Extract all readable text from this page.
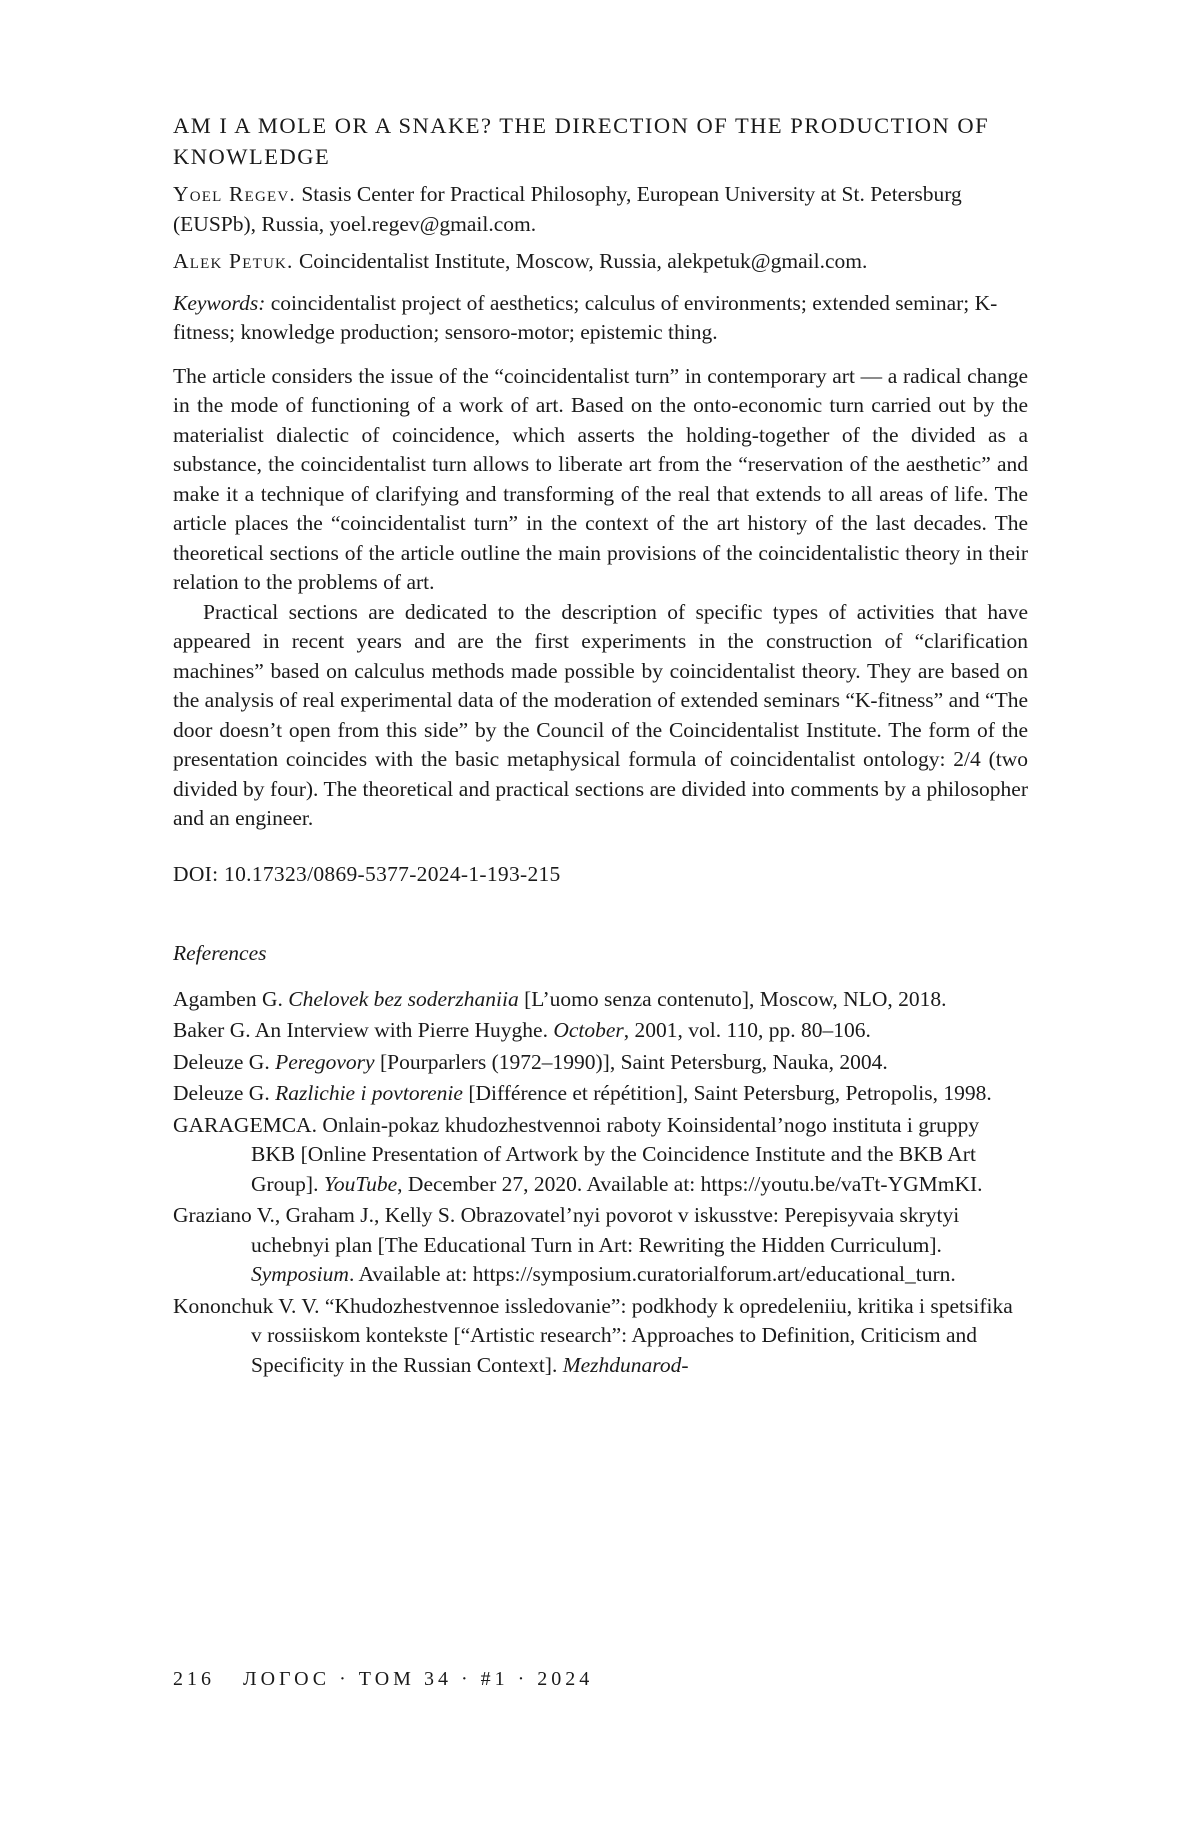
AM I A MOLE OR A SNAKE? THE DIRECTION OF THE PRODUCTION OF KNOWLEDGE

Yoel Regev. Stasis Center for Practical Philosophy, European University at St. Petersburg (EUSPb), Russia, yoel.regev@gmail.com.

Alek Petuk. Coincidentalist Institute, Moscow, Russia, alekpetuk@gmail.com.

Keywords: coincidentalist project of aesthetics; calculus of environments; extended seminar; K-fitness; knowledge production; sensoro-motor; epistemic thing.

The article considers the issue of the “coincidentalist turn” in contemporary art — a radical change in the mode of functioning of a work of art. Based on the onto-economic turn carried out by the materialist dialectic of coincidence, which asserts the holding-together of the divided as a substance, the coincidentalist turn allows to liberate art from the “reservation of the aesthetic” and make it a technique of clarifying and transforming of the real that extends to all areas of life. The article places the “coincidentalist turn” in the context of the art history of the last decades. The theoretical sections of the article outline the main provisions of the coincidentalistic theory in their relation to the problems of art.

Practical sections are dedicated to the description of specific types of activities that have appeared in recent years and are the first experiments in the construction of “clarification machines” based on calculus methods made possible by coincidentalist theory. They are based on the analysis of real experimental data of the moderation of extended seminars “K-fitness” and “The door doesn’t open from this side” by the Council of the Coincidentalist Institute. The form of the presentation coincides with the basic metaphysical formula of coincidentalist ontology: 2/4 (two divided by four). The theoretical and practical sections are divided into comments by a philosopher and an engineer.

DOI: 10.17323/0869-5377-2024-1-193-215

References

Agamben G. Chelovek bez soderzhaniia [L’uomo senza contenuto], Moscow, NLO, 2018.

Baker G. An Interview with Pierre Huyghe. October, 2001, vol. 110, pp. 80–106.

Deleuze G. Peregovory [Pourparlers (1972–1990)], Saint Petersburg, Nauka, 2004.

Deleuze G. Razlichie i povtorenie [Différence et répétition], Saint Petersburg, Petropolis, 1998.

GARAGEMCA. Onlain-pokaz khudozhestvennoi raboty Koinsidental’nogo instituta i gruppy BKB [Online Presentation of Artwork by the Coincidence Institute and the BKB Art Group]. YouTube, December 27, 2020. Available at: https://youtu.be/vaTt-YGMmKI.

Graziano V., Graham J., Kelly S. Obrazovatel’nyi povorot v iskusstve: Perepisyvaia skrytyi uchebnyi plan [The Educational Turn in Art: Rewriting the Hidden Curriculum]. Symposium. Available at: https://symposium.curatorialforum.art/educational_turn.

Kononchuk V. V. “Khudozhestvennoe issledovanie”: podkhody k opredeleniiu, kritika i spetsifika v rossiiskom kontekste [“Artistic research”: Approaches to Definition, Criticism and Specificity in the Russian Context]. Mezhdunarod-

216 ЛОГОС · ТОМ 34 · #1 · 2024
